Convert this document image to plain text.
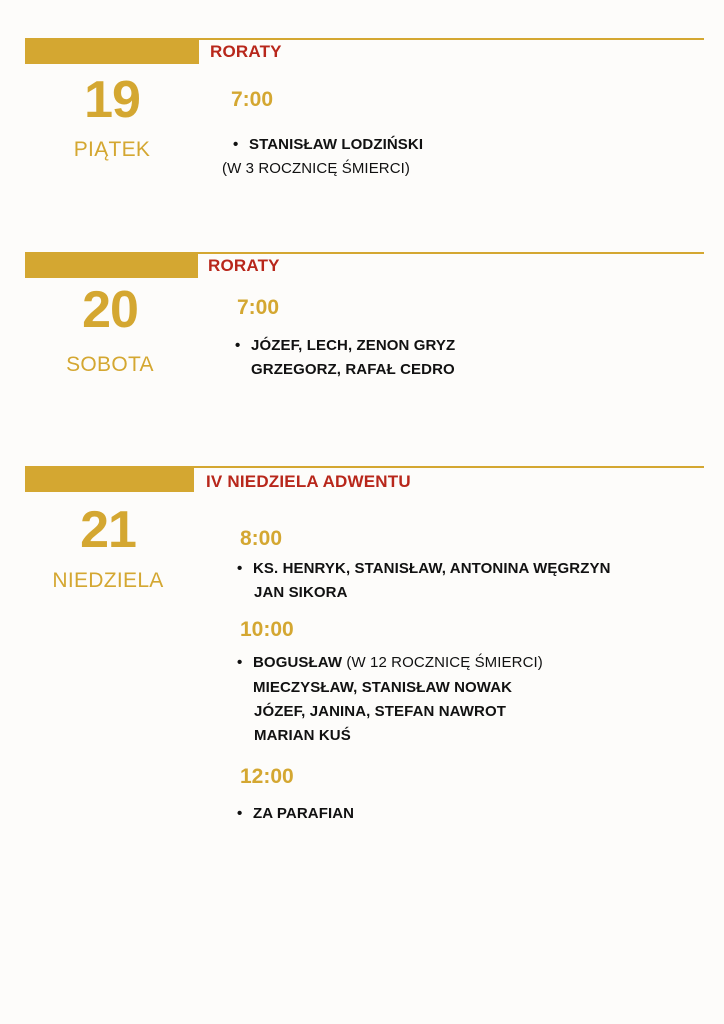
RORATY
19
PIĄTEK
7:00
• STANISŁAW LODZIŃSKI
(W 3 ROCZNICĘ ŚMIERCI)
RORATY
20
SOBOTA
7:00
• JÓZEF, LECH, ZENON GRYZ
GRZEGORZ, RAFAŁ CEDRO
IV NIEDZIELA ADWENTU
21
NIEDZIELA
8:00
• KS. HENRYK, STANISŁAW, ANTONINA WĘGRZYN
JAN SIKORA
10:00
• BOGUSŁAW (W 12 ROCZNICĘ ŚMIERCI)
MIECZYSŁAW, STANISŁAW NOWAK
JÓZEF, JANINA, STEFAN NAWROT
MARIAN KUŚ
12:00
• ZA PARAFIAN
